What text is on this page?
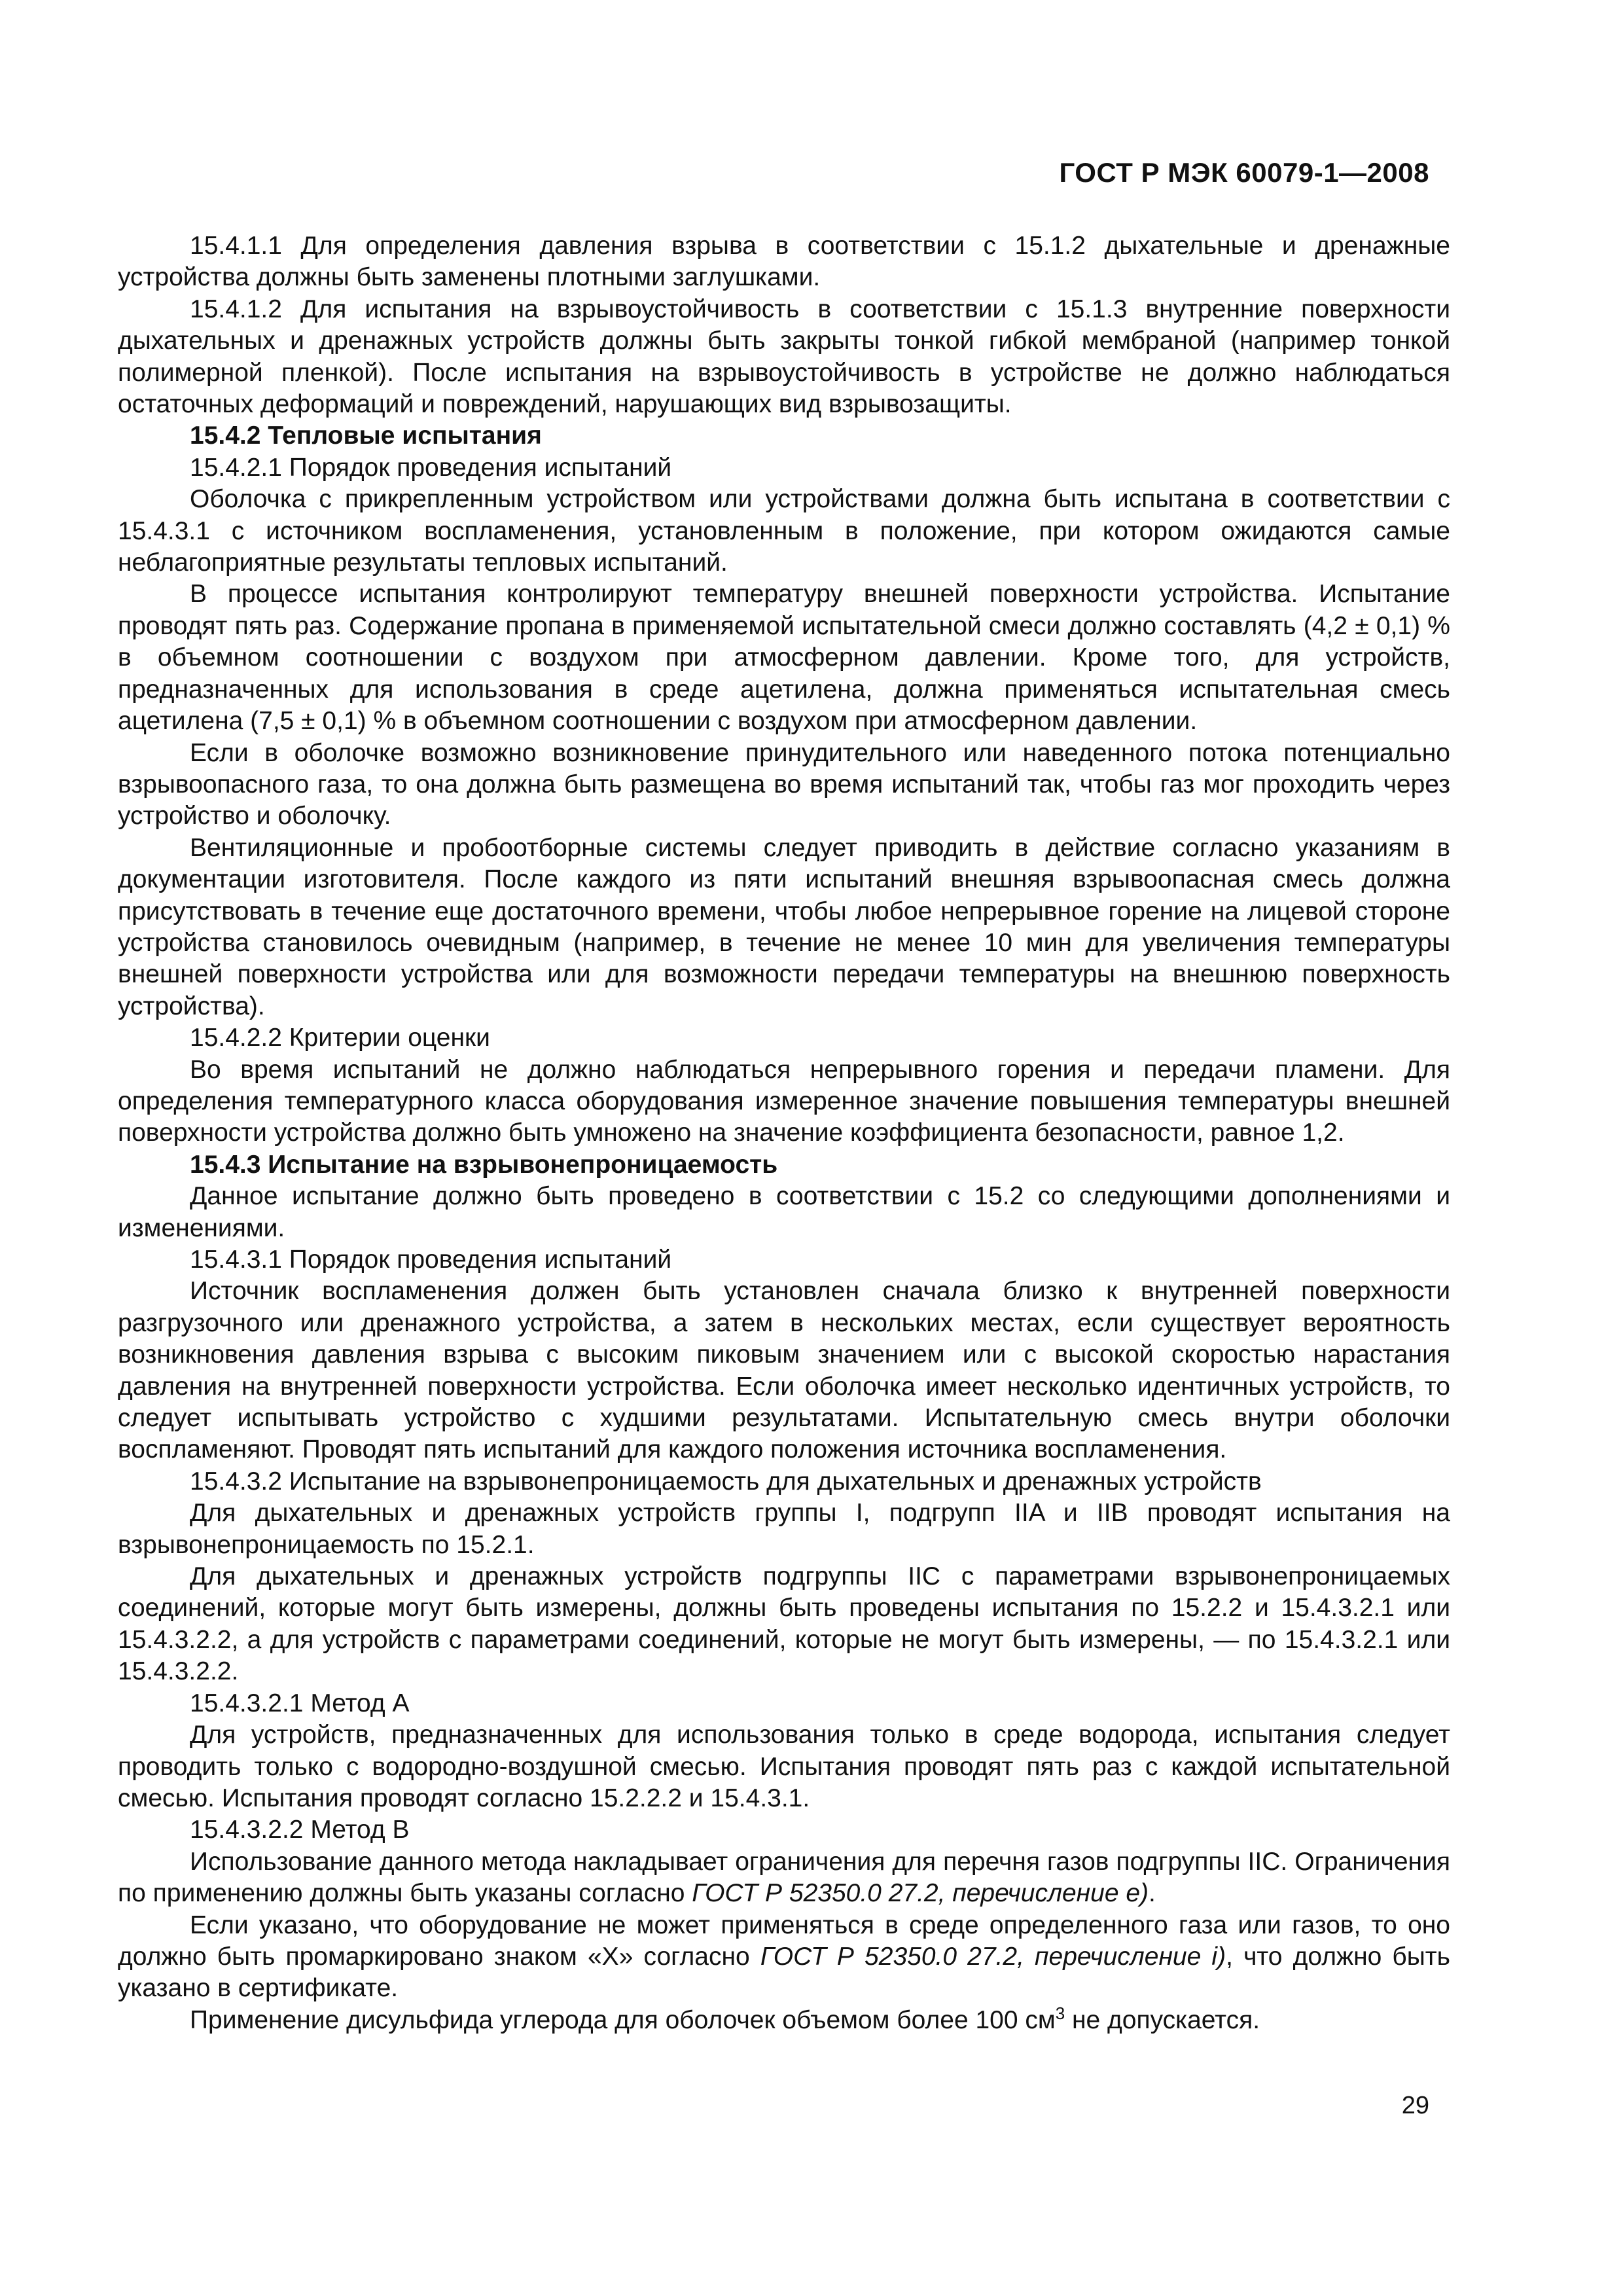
ГОСТ Р МЭК 60079-1—2008

15.4.1.1 Для определения давления взрыва в соответствии с 15.1.2 дыхательные и дренажные устройства должны быть заменены плотными заглушками.

15.4.1.2 Для испытания на взрывоустойчивость в соответствии с 15.1.3 внутренние поверхности дыхательных и дренажных устройств должны быть закрыты тонкой гибкой мембраной (например тонкой полимерной пленкой). После испытания на взрывоустойчивость в устройстве не должно наблюдаться остаточных деформаций и повреждений, нарушающих вид взрывозащиты.

15.4.2 Тепловые испытания

15.4.2.1 Порядок проведения испытаний

Оболочка с прикрепленным устройством или устройствами должна быть испытана в соответствии с 15.4.3.1 с источником воспламенения, установленным в положение, при котором ожидаются самые неблагоприятные результаты тепловых испытаний.

В процессе испытания контролируют температуру внешней поверхности устройства. Испытание проводят пять раз. Содержание пропана в применяемой испытательной смеси должно составлять (4,2 ± 0,1) % в объемном соотношении с воздухом при атмосферном давлении. Кроме того, для устройств, предназначенных для использования в среде ацетилена, должна применяться испытательная смесь ацетилена (7,5 ± 0,1) % в объемном соотношении с воздухом при атмосферном давлении.

Если в оболочке возможно возникновение принудительного или наведенного потока потенциально взрывоопасного газа, то она должна быть размещена во время испытаний так, чтобы газ мог проходить через устройство и оболочку.

Вентиляционные и пробоотборные системы следует приводить в действие согласно указаниям в документации изготовителя. После каждого из пяти испытаний внешняя взрывоопасная смесь должна присутствовать в течение еще достаточного времени, чтобы любое непрерывное горение на лицевой стороне устройства становилось очевидным (например, в течение не менее 10 мин для увеличения температуры внешней поверхности устройства или для возможности передачи температуры на внешнюю поверхность устройства).

15.4.2.2 Критерии оценки

Во время испытаний не должно наблюдаться непрерывного горения и передачи пламени. Для определения температурного класса оборудования измеренное значение повышения температуры внешней поверхности устройства должно быть умножено на значение коэффициента безопасности, равное 1,2.

15.4.3 Испытание на взрывонепроницаемость

Данное испытание должно быть проведено в соответствии с 15.2 со следующими дополнениями и изменениями.

15.4.3.1 Порядок проведения испытаний

Источник воспламенения должен быть установлен сначала близко к внутренней поверхности разгрузочного или дренажного устройства, а затем в нескольких местах, если существует вероятность возникновения давления взрыва с высоким пиковым значением или с высокой скоростью нарастания давления на внутренней поверхности устройства. Если оболочка имеет несколько идентичных устройств, то следует испытывать устройство с худшими результатами. Испытательную смесь внутри оболочки воспламеняют. Проводят пять испытаний для каждого положения источника воспламенения.

15.4.3.2 Испытание на взрывонепроницаемость для дыхательных и дренажных устройств

Для дыхательных и дренажных устройств группы I, подгрупп IIA и IIB проводят испытания на взрывонепроницаемость по 15.2.1.

Для дыхательных и дренажных устройств подгруппы IIC с параметрами взрывонепроницаемых соединений, которые могут быть измерены, должны быть проведены испытания по 15.2.2 и 15.4.3.2.1 или 15.4.3.2.2, а для устройств с параметрами соединений, которые не могут быть измерены, — по 15.4.3.2.1 или 15.4.3.2.2.

15.4.3.2.1 Метод A

Для устройств, предназначенных для использования только в среде водорода, испытания следует проводить только с водородно-воздушной смесью. Испытания проводят пять раз с каждой испытательной смесью. Испытания проводят согласно 15.2.2.2 и 15.4.3.1.

15.4.3.2.2 Метод B

Использование данного метода накладывает ограничения для перечня газов подгруппы IIC. Ограничения по применению должны быть указаны согласно ГОСТ Р 52350.0 27.2, перечисление е).

Если указано, что оборудование не может применяться в среде определенного газа или газов, то оно должно быть промаркировано знаком «X» согласно ГОСТ Р 52350.0 27.2, перечисление i), что должно быть указано в сертификате.

Применение дисульфида углерода для оболочек объемом более 100 $см^3$ не допускается.

29
